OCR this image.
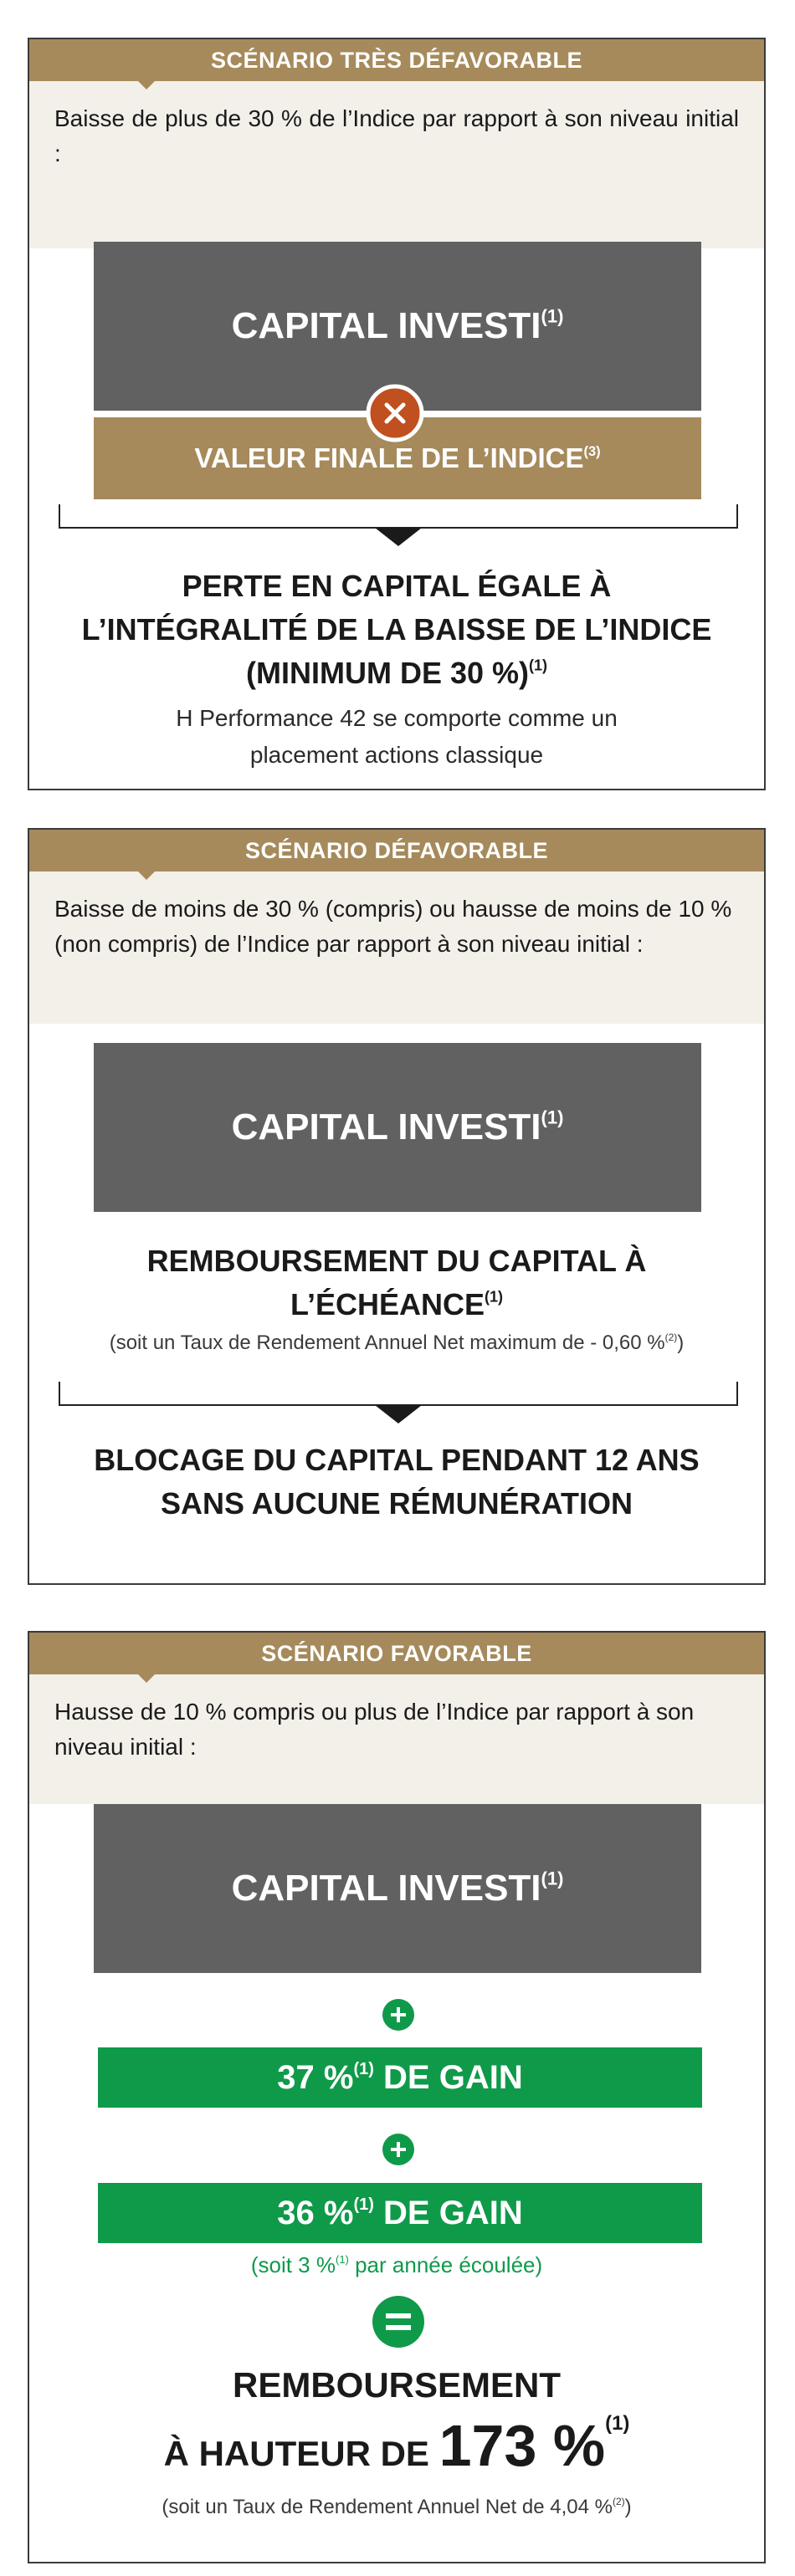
SCÉNARIO TRÈS DÉFAVORABLE
Baisse de plus de 30 % de l’Indice par rapport à son niveau initial :
CAPITAL INVESTI$^{(1)}$
VALEUR FINALE DE L’INDICE$^{(3)}$
PERTE EN CAPITAL ÉGALE À
L’INTÉGRALITÉ DE LA BAISSE DE L’INDICE
(MINIMUM DE 30 %)$^{(1)}$
H Performance 42 se comporte comme un
placement actions classique
SCÉNARIO DÉFAVORABLE
Baisse de moins de 30 % (compris) ou hausse de moins de 10 %
(non compris) de l’Indice par rapport à son niveau initial :
CAPITAL INVESTI$^{(1)}$
REMBOURSEMENT DU CAPITAL À
L’ÉCHÉANCE$^{(1)}$
(soit un Taux de Rendement Annuel Net maximum de - 0,60 %$^{(2)}$)
BLOCAGE DU CAPITAL PENDANT 12 ANS
SANS AUCUNE RÉMUNÉRATION
SCÉNARIO FAVORABLE
Hausse de 10 % compris ou plus de l’Indice par rapport à son
niveau initial :
CAPITAL INVESTI$^{(1)}$
37 %$^{(1)}$ DE GAIN
36 %$^{(1)}$ DE GAIN
(soit 3 %$^{(1)}$ par année écoulée)
REMBOURSEMENT
À HAUTEUR DE 173 %$^{(1)}$
(soit un Taux de Rendement Annuel Net de 4,04 %$^{(2)}$)
